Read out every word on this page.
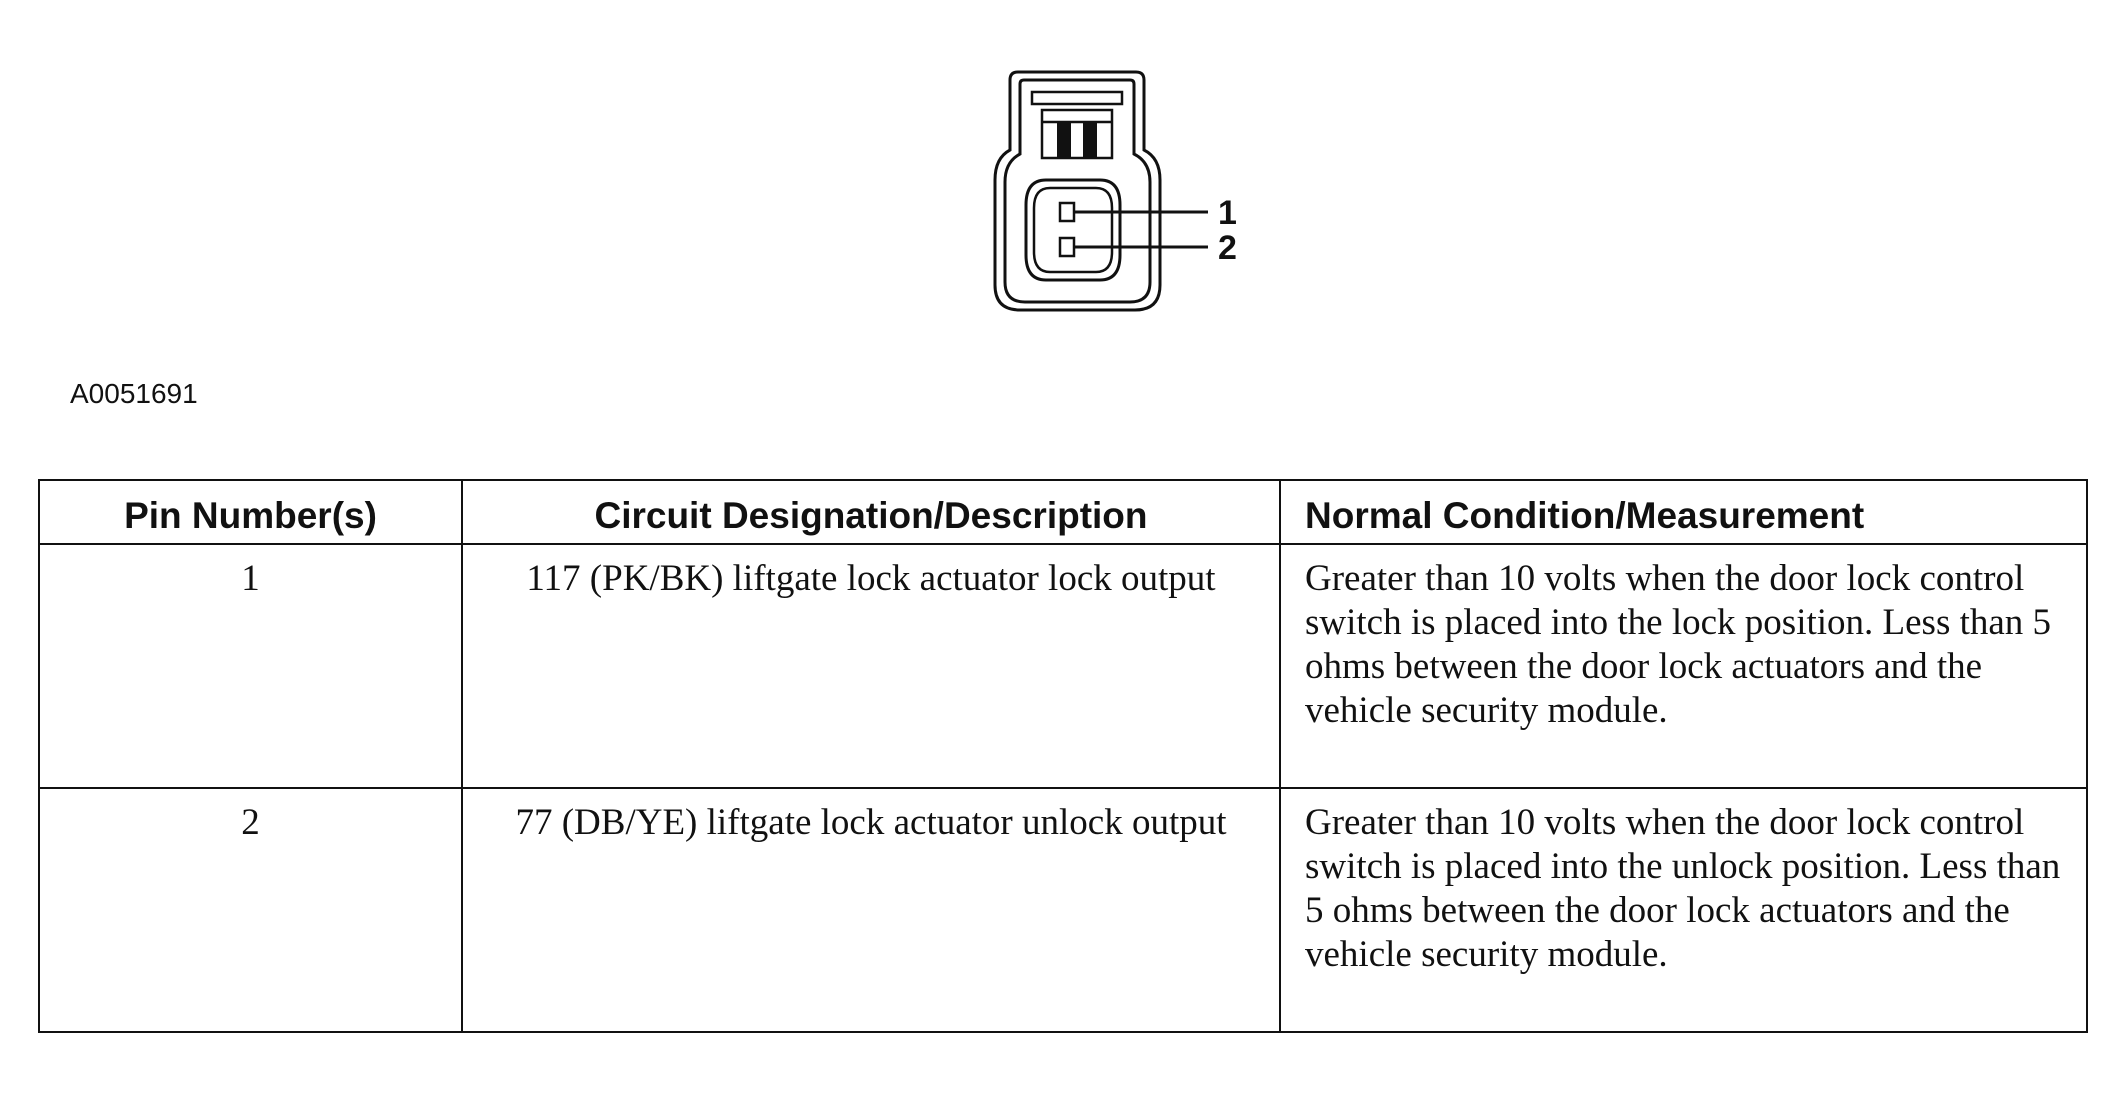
1
2
A0051691
Pin Number(s)	Circuit Designation/Description	Normal Condition/Measurement
1	117 (PK/BK) liftgate lock actuator lock output	Greater than 10 volts when the door lock control switch is placed into the lock position. Less than 5 ohms between the door lock actuators and the vehicle security module.
2	77 (DB/YE) liftgate lock actuator unlock output	Greater than 10 volts when the door lock control switch is placed into the unlock position. Less than 5 ohms between the door lock actuators and the vehicle security module.
